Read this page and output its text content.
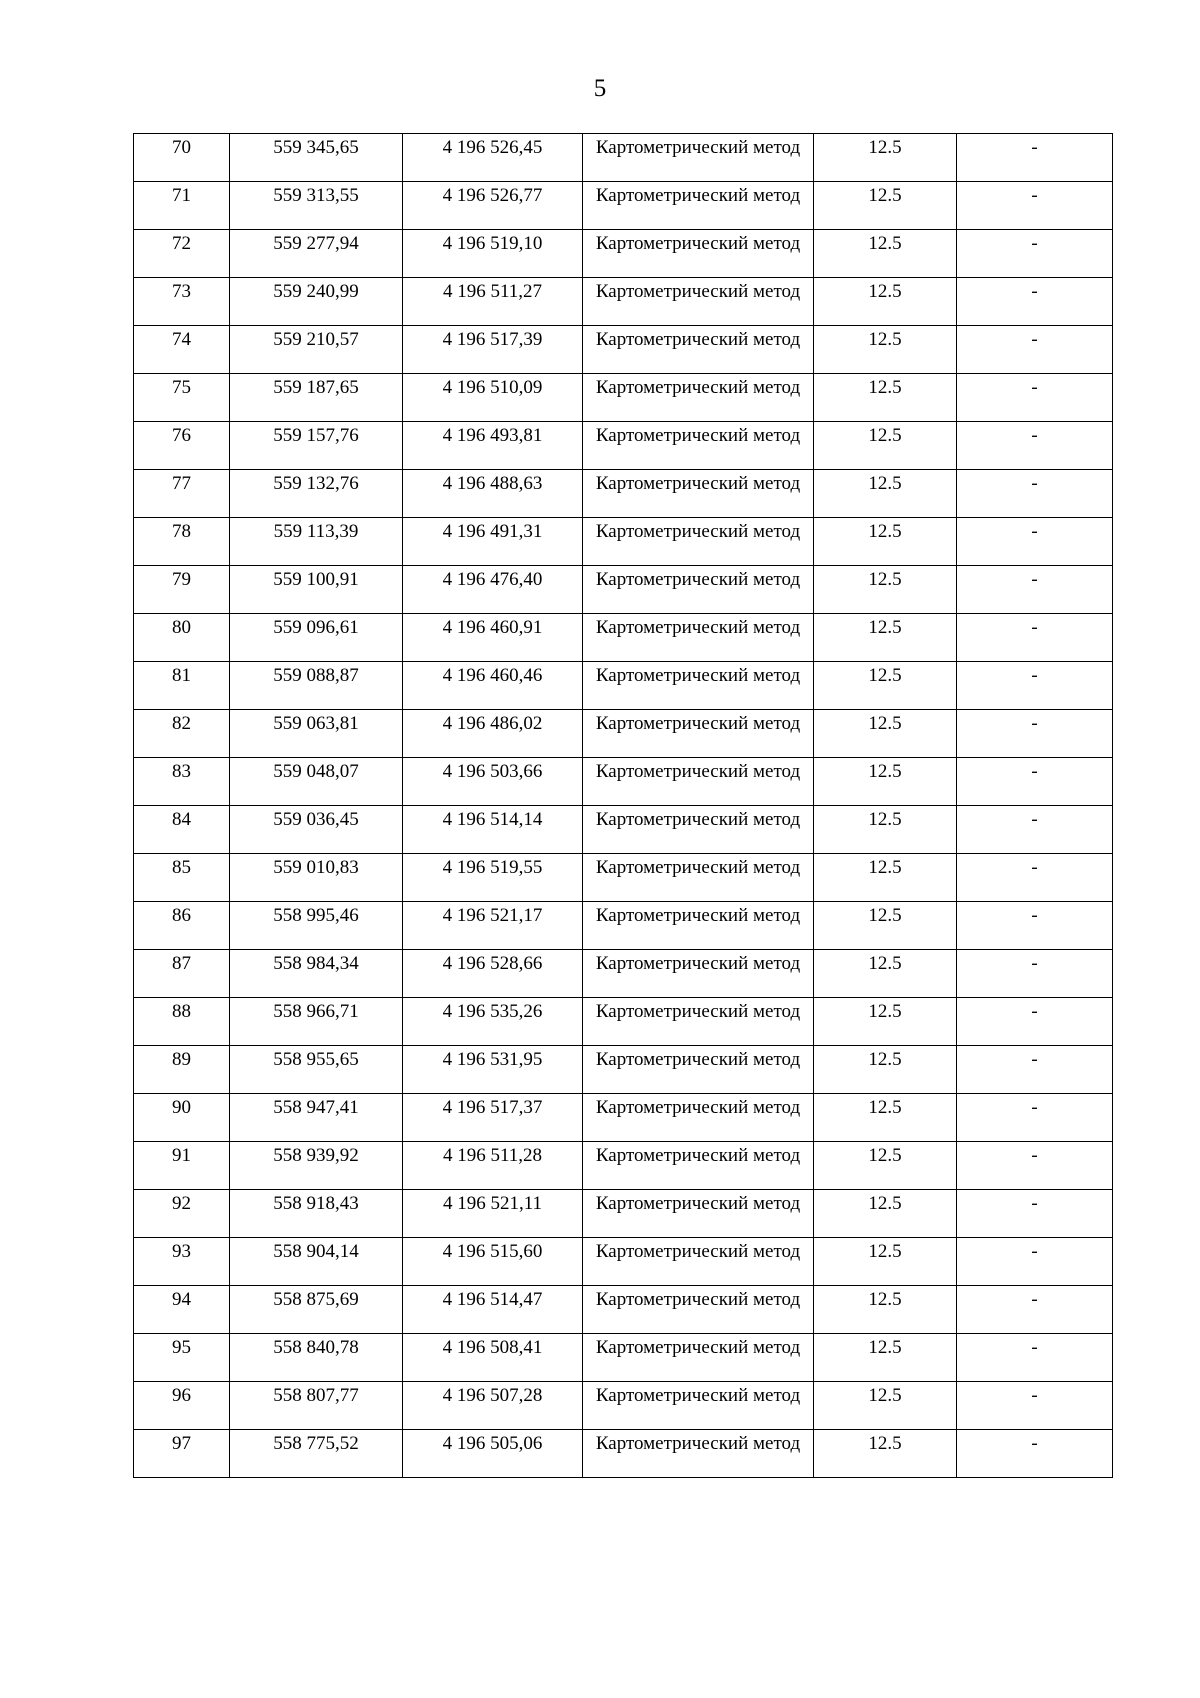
5
70	559 345,65	4 196 526,45	Картометрический метод	12.5	-

71	559 313,55	4 196 526,77	Картометрический метод	12.5	-

72	559 277,94	4 196 519,10	Картометрический метод	12.5	-

73	559 240,99	4 196 511,27	Картометрический метод	12.5	-

74	559 210,57	4 196 517,39	Картометрический метод	12.5	-

75	559 187,65	4 196 510,09	Картометрический метод	12.5	-

76	559 157,76	4 196 493,81	Картометрический метод	12.5	-

77	559 132,76	4 196 488,63	Картометрический метод	12.5	-

78	559 113,39	4 196 491,31	Картометрический метод	12.5	-

79	559 100,91	4 196 476,40	Картометрический метод	12.5	-

80	559 096,61	4 196 460,91	Картометрический метод	12.5	-

81	559 088,87	4 196 460,46	Картометрический метод	12.5	-

82	559 063,81	4 196 486,02	Картометрический метод	12.5	-

83	559 048,07	4 196 503,66	Картометрический метод	12.5	-

84	559 036,45	4 196 514,14	Картометрический метод	12.5	-

85	559 010,83	4 196 519,55	Картометрический метод	12.5	-

86	558 995,46	4 196 521,17	Картометрический метод	12.5	-

87	558 984,34	4 196 528,66	Картометрический метод	12.5	-

88	558 966,71	4 196 535,26	Картометрический метод	12.5	-

89	558 955,65	4 196 531,95	Картометрический метод	12.5	-

90	558 947,41	4 196 517,37	Картометрический метод	12.5	-

91	558 939,92	4 196 511,28	Картометрический метод	12.5	-

92	558 918,43	4 196 521,11	Картометрический метод	12.5	-

93	558 904,14	4 196 515,60	Картометрический метод	12.5	-

94	558 875,69	4 196 514,47	Картометрический метод	12.5	-

95	558 840,78	4 196 508,41	Картометрический метод	12.5	-

96	558 807,77	4 196 507,28	Картометрический метод	12.5	-

97	558 775,52	4 196 505,06	Картометрический метод	12.5	-
